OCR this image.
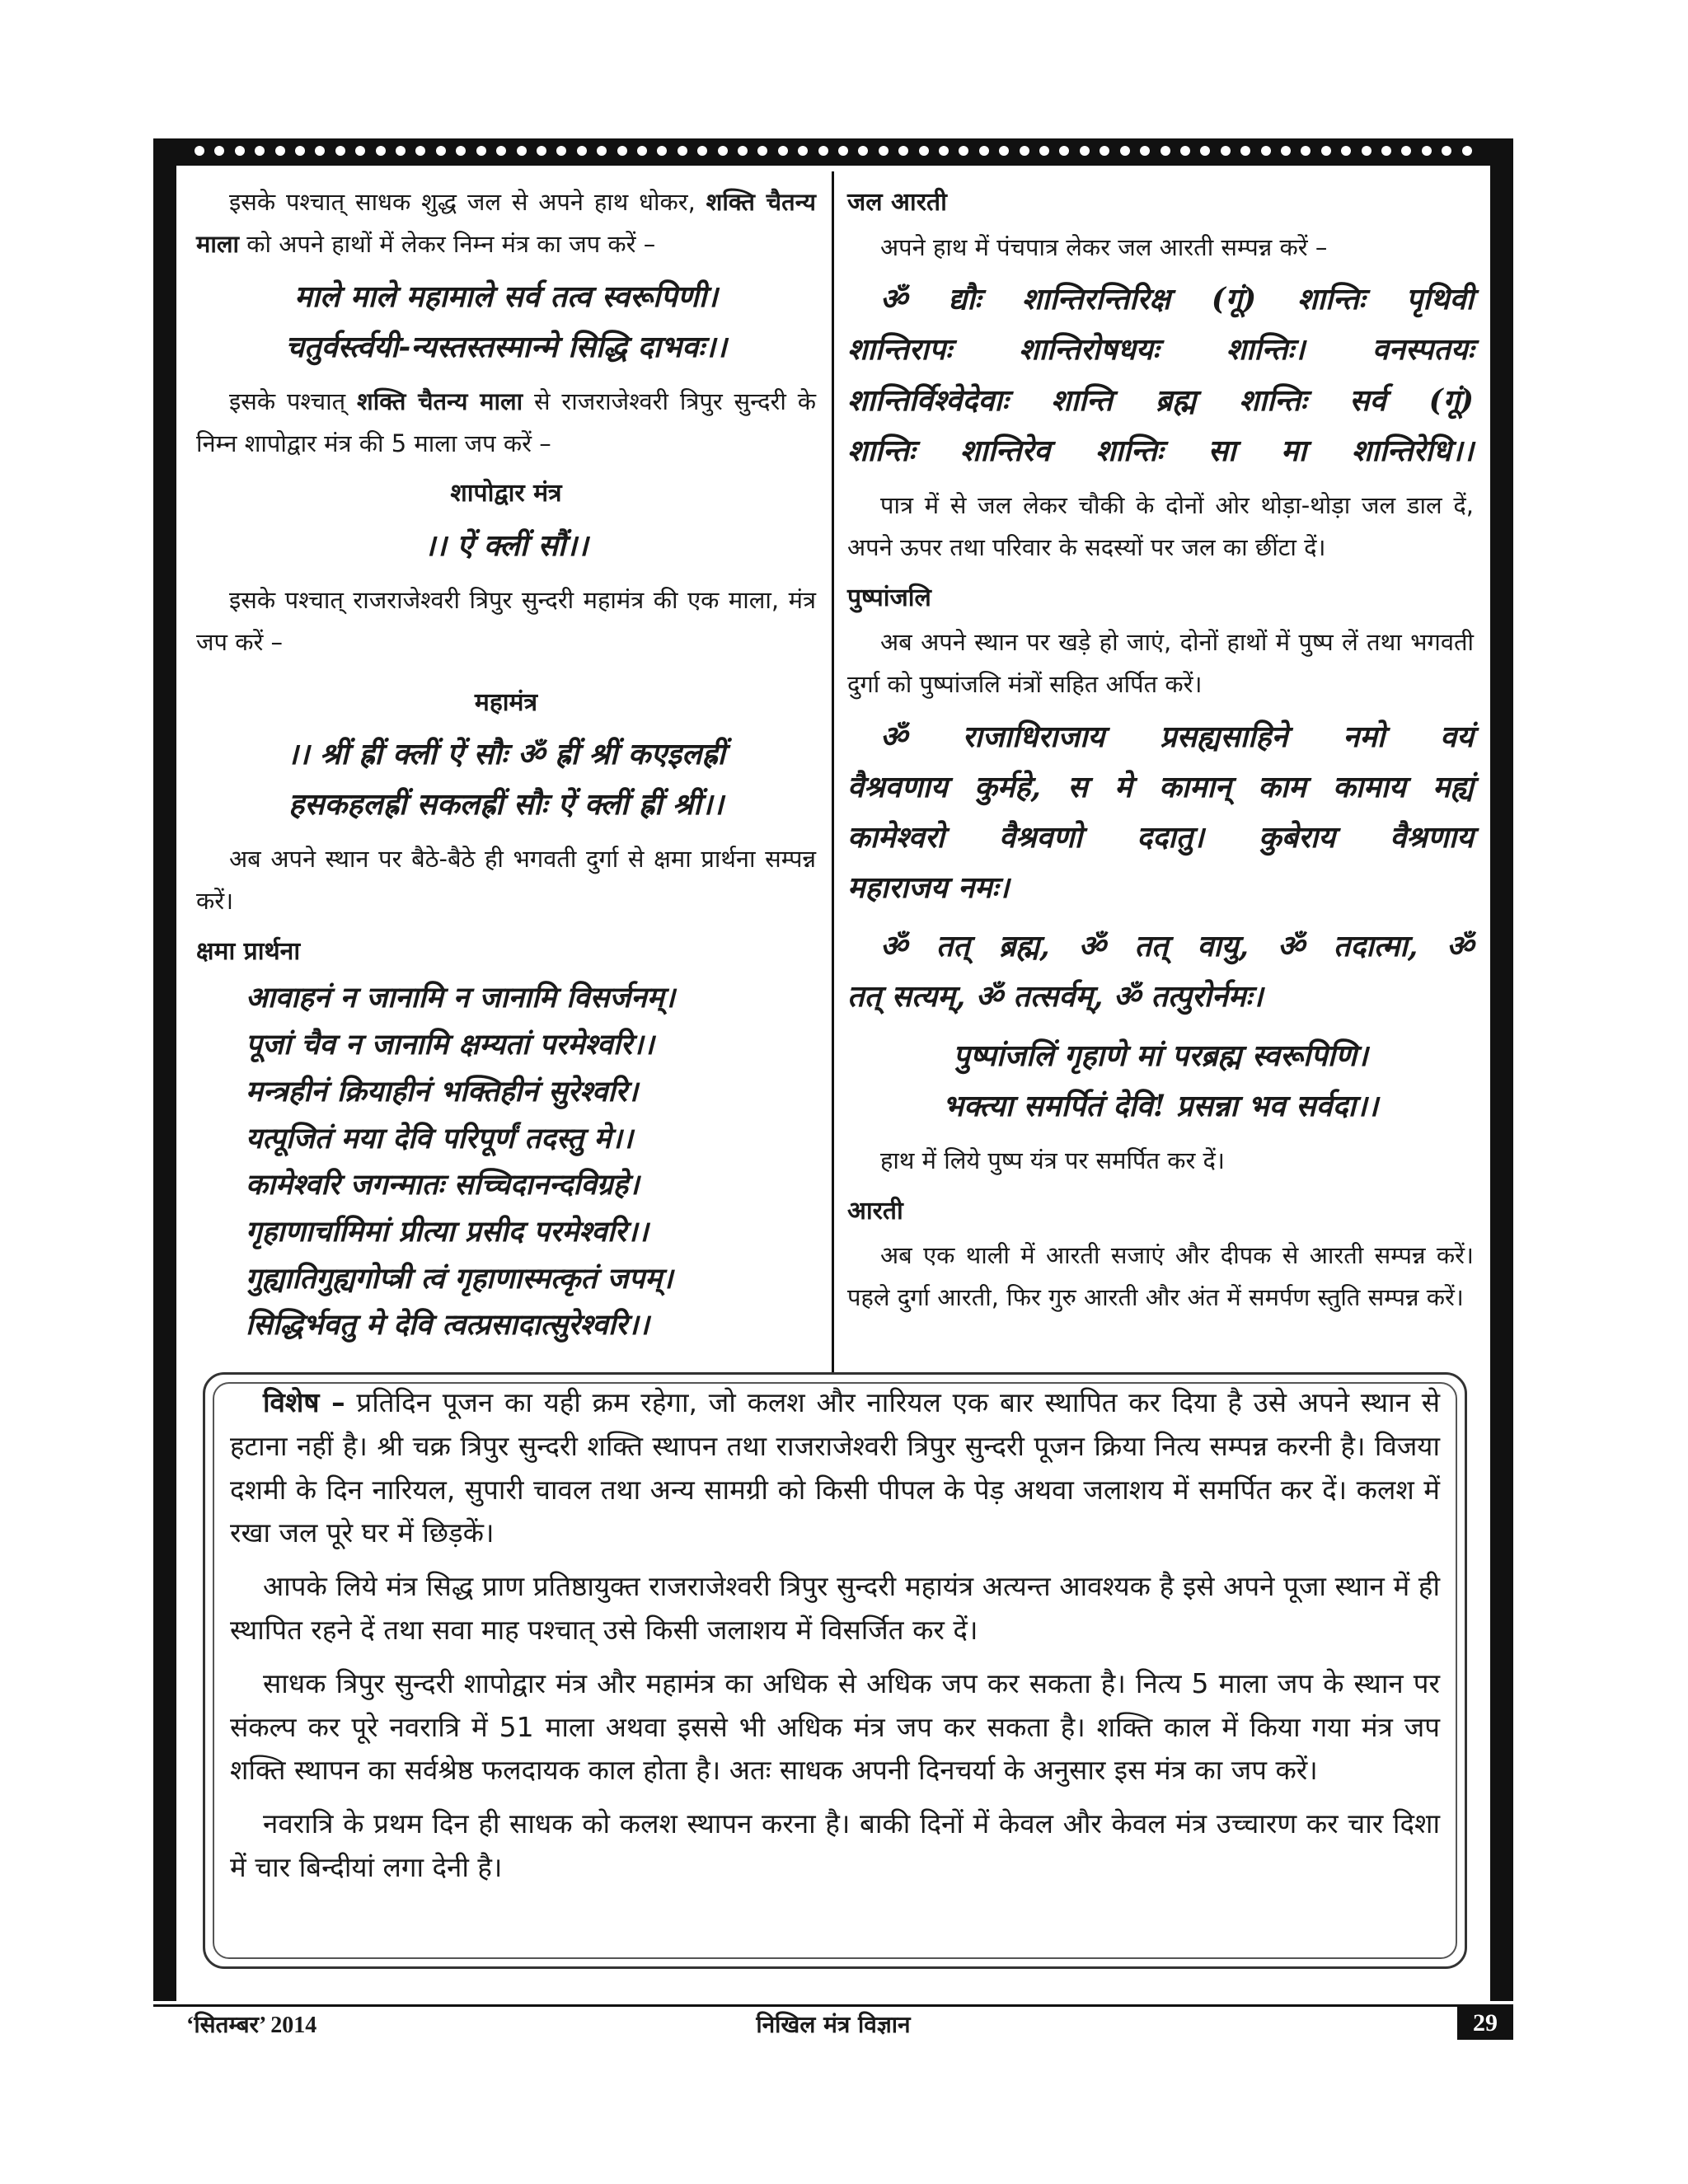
इसके पश्चात् साधक शुद्ध जल से अपने हाथ धोकर, शक्ति चैतन्य माला को अपने हाथों में लेकर निम्न मंत्र का जप करें –

माले माले महामाले सर्व तत्व स्वरूपिणी।
चतुर्वर्स्त्वयी-न्यस्तस्तस्मान्मे सिद्धि दाभवः।।

इसके पश्चात् शक्ति चैतन्य माला से राजराजेश्वरी त्रिपुर सुन्दरी के निम्न शापोद्वार मंत्र की 5 माला जप करें –

शापोद्वार मंत्र
।। ऐं क्लीं सौं।।

इसके पश्चात् राजराजेश्वरी त्रिपुर सुन्दरी महामंत्र की एक माला, मंत्र जप करें –

महामंत्र
।। श्रीं ह्रीं क्लीं ऐं सौः ॐ ह्रीं श्रीं कएइलह्रीं
हसकहलह्रीं सकलह्रीं सौः ऐं क्लीं ह्रीं श्रीं।।

अब अपने स्थान पर बैठे-बैठे ही भगवती दुर्गा से क्षमा प्रार्थना सम्पन्न करें।

क्षमा प्रार्थना
आवाहनं न जानामि न जानामि विसर्जनम्।
पूजां चैव न जानामि क्षम्यतां परमेश्वरि।।
मन्त्रहीनं क्रियाहीनं भक्तिहीनं सुरेश्वरि।
यत्पूजितं मया देवि परिपूर्णं तदस्तु मे।।
कामेश्वरि जगन्मातः सच्चिदानन्दविग्रहे।
गृहाणार्चामिमां प्रीत्या प्रसीद परमेश्वरि।।
गुह्यातिगुह्यगोप्त्री त्वं गृहाणास्मत्कृतं जपम्।
सिद्धिर्भवतु मे देवि त्वत्प्रसादात्सुरेश्वरि।।
जल आरती

अपने हाथ में पंचपात्र लेकर जल आरती सम्पन्न करें –

ॐ द्यौः शान्तिरन्तिरिक्ष (गूं) शान्तिः पृथिवी
शान्तिरापः शान्तिरोषधयः शान्तिः। वनस्पतयः
शान्तिर्विश्वेदेवाः शान्ति ब्रह्म शान्तिः सर्व (गूं)
शान्तिः शान्तिरेव शान्तिः सा मा शान्तिरेधि।।

पात्र में से जल लेकर चौकी के दोनों ओर थोड़ा-थोड़ा जल डाल दें, अपने ऊपर तथा परिवार के सदस्यों पर जल का छींटा दें।

पुष्पांजलि

अब अपने स्थान पर खड़े हो जाएं, दोनों हाथों में पुष्प लें तथा भगवती दुर्गा को पुष्पांजलि मंत्रों सहित अर्पित करें।

ॐ राजाधिराजाय प्रसह्यसाहिने नमो वयं
वैश्रवणाय कुर्महे, स मे कामान् काम कामाय मह्यं
कामेश्वरो वैश्रवणो ददातु। कुबेराय वैश्रणाय
महाराजय नमः।
ॐ तत् ब्रह्म, ॐ तत् वायु, ॐ तदात्मा, ॐ
तत् सत्यम्, ॐ तत्सर्वम्, ॐ तत्पुरोर्नमः।
पुष्पांजलिं गृहाणे मां परब्रह्म स्वरूपिणि।
भक्त्या समर्पितं देवि! प्रसन्ना भव सर्वदा।।

हाथ में लिये पुष्प यंत्र पर समर्पित कर दें।

आरती

अब एक थाली में आरती सजाएं और दीपक से आरती सम्पन्न करें। पहले दुर्गा आरती, फिर गुरु आरती और अंत में समर्पण स्तुति सम्पन्न करें।

विशेष – प्रतिदिन पूजन का यही क्रम रहेगा, जो कलश और नारियल एक बार स्थापित कर दिया है उसे अपने स्थान से हटाना नहीं है। श्री चक्र त्रिपुर सुन्दरी शक्ति स्थापन तथा राजराजेश्वरी त्रिपुर सुन्दरी पूजन क्रिया नित्य सम्पन्न करनी है। विजया दशमी के दिन नारियल, सुपारी चावल तथा अन्य सामग्री को किसी पीपल के पेड़ अथवा जलाशय में समर्पित कर दें। कलश में रखा जल पूरे घर में छिड़कें।

आपके लिये मंत्र सिद्ध प्राण प्रतिष्ठायुक्त राजराजेश्वरी त्रिपुर सुन्दरी महायंत्र अत्यन्त आवश्यक है इसे अपने पूजा स्थान में ही स्थापित रहने दें तथा सवा माह पश्चात् उसे किसी जलाशय में विसर्जित कर दें।

साधक त्रिपुर सुन्दरी शापोद्वार मंत्र और महामंत्र का अधिक से अधिक जप कर सकता है। नित्य 5 माला जप के स्थान पर संकल्प कर पूरे नवरात्रि में 51 माला अथवा इससे भी अधिक मंत्र जप कर सकता है। शक्ति काल में किया गया मंत्र जप शक्ति स्थापन का सर्वश्रेष्ठ फलदायक काल होता है। अतः साधक अपनी दिनचर्या के अनुसार इस मंत्र का जप करें।

नवरात्रि के प्रथम दिन ही साधक को कलश स्थापन करना है। बाकी दिनों में केवल और केवल मंत्र उच्चारण कर चार दिशा में चार बिन्दीयां लगा देनी है।

‘सितम्बर’ 2014	निखिल मंत्र विज्ञान	29
